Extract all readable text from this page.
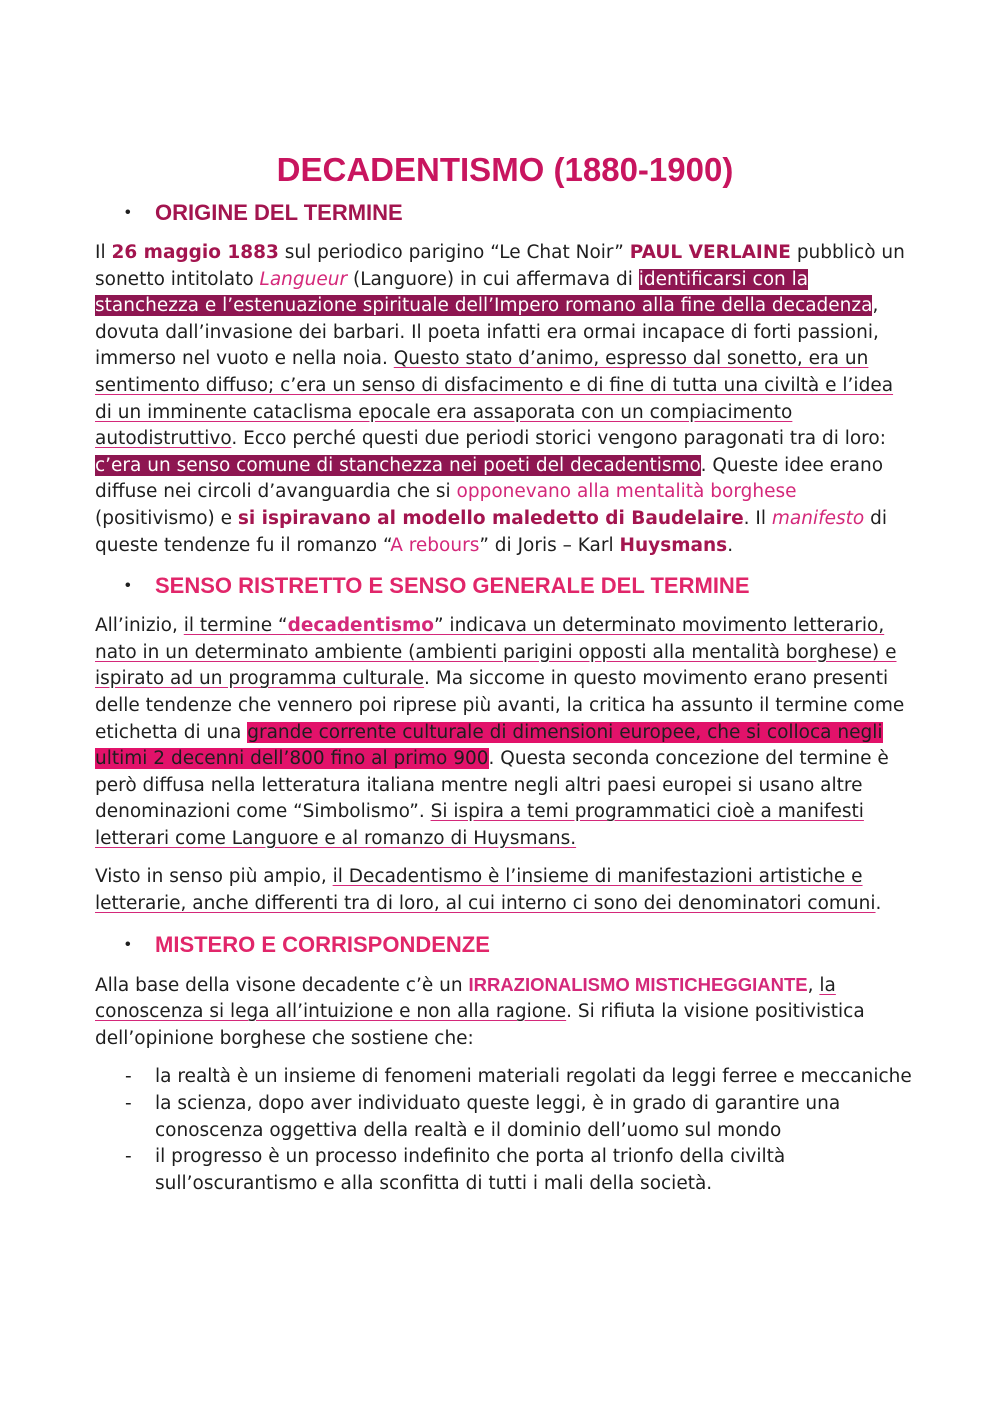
DECADENTISMO (1880-1900)
•	ORIGINE DEL TERMINE

Il 26 maggio 1883 sul periodico parigino “Le Chat Noir” PAUL VERLAINE pubblicò un sonetto intitolato Langueur (Languore) in cui affermava di identificarsi con la stanchezza e l’estenuazione spirituale dell’Impero romano alla fine della decadenza, dovuta dall’invasione dei barbari. Il poeta infatti era ormai incapace di forti passioni, immerso nel vuoto e nella noia. Questo stato d’animo, espresso dal sonetto, era un sentimento diffuso; c’era un senso di disfacimento e di fine di tutta una civiltà e l’idea di un imminente cataclisma epocale era assaporata con un compiacimento autodistruttivo. Ecco perché questi due periodi storici vengono paragonati tra di loro: c’era un senso comune di stanchezza nei poeti del decadentismo. Queste idee erano diffuse nei circoli d’avanguardia che si opponevano alla mentalità borghese (positivismo) e si ispiravano al modello maledetto di Baudelaire. Il manifesto di queste tendenze fu il romanzo “A rebours” di Joris – Karl Huysmans.

•	SENSO RISTRETTO E SENSO GENERALE DEL TERMINE

All’inizio, il termine “decadentismo” indicava un determinato movimento letterario, nato in un determinato ambiente (ambienti parigini opposti alla mentalità borghese) e ispirato ad un programma culturale. Ma siccome in questo movimento erano presenti delle tendenze che vennero poi riprese più avanti, la critica ha assunto il termine come etichetta di una grande corrente culturale di dimensioni europee, che si colloca negli ultimi 2 decenni dell’800 fino al primo 900. Questa seconda concezione del termine è però diffusa nella letteratura italiana mentre negli altri paesi europei si usano altre denominazioni come “Simbolismo”. Si ispira a temi programmatici cioè a manifesti letterari come Languore e al romanzo di Huysmans.

Visto in senso più ampio, il Decadentismo è l’insieme di manifestazioni artistiche e letterarie, anche differenti tra di loro, al cui interno ci sono dei denominatori comuni.

•	MISTERO E CORRISPONDENZE

Alla base della visone decadente c’è un IRRAZIONALISMO MISTICHEGGIANTE, la conoscenza si lega all’intuizione e non alla ragione. Si rifiuta la visione positivistica dell’opinione borghese che sostiene che:

- la realtà è un insieme di fenomeni materiali regolati da leggi ferree e meccaniche
- la scienza, dopo aver individuato queste leggi, è in grado di garantire una conoscenza oggettiva della realtà e il dominio dell’uomo sul mondo
- il progresso è un processo indefinito che porta al trionfo della civiltà sull’oscurantismo e alla sconfitta di tutti i mali della società.
